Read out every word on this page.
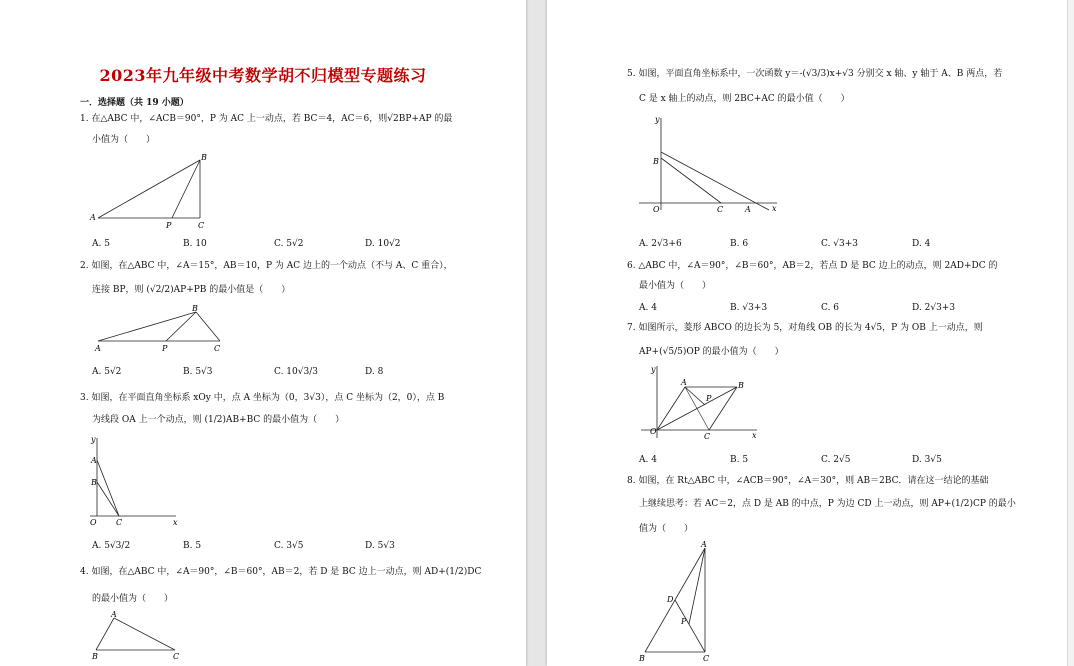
2023年九年级中考数学胡不归模型专题练习
一．选择题（共 19 小题）
1. 在△ABC 中，∠ACB＝90°，P 为 AC 上一动点，若 BC＝4，AC＝6，则√2BP+AP 的最
小值为（　　）
A
B
P	C
A. 5	B. 10	C. 5√2	D. 10√2
2. 如图，在△ABC 中，∠A＝15°，AB＝10，P 为 AC 边上的一个动点（不与 A、C 重合），
连接 BP，则 (√2/2)AP+PB 的最小值是（　　）
A
B
P	C
A. 5√2	B. 5√3	C. 10√3/3	D. 8
3. 如图，在平面直角坐标系 xOy 中，点 A 坐标为（0，3√3），点 C 坐标为（2，0），点 B
为线段 OA 上一个动点，则 (1/2)AB+BC 的最小值为（　　）
y
A
B
O C	x
A. 5√3/2	B. 5	C. 3√5	D. 5√3
4. 如图，在△ABC 中，∠A＝90°，∠B＝60°，AB＝2，若 D 是 BC 边上一动点，则 AD+(1/2)DC
的最小值为（　　）
A
B	C
5. 如图，平面直角坐标系中，一次函数 y＝-(√3/3)x+√3 分别交 x 轴、y 轴于 A、B 两点，若
C 是 x 轴上的动点，则 2BC+AC 的最小值（　　）
y
B
O	C	A	x
A. 2√3+6	B. 6	C. √3+3	D. 4
6. △ABC 中，∠A＝90°，∠B＝60°，AB＝2，若点 D 是 BC 边上的动点，则 2AD+DC 的
最小值为（　　）
A. 4	B. √3+3	C. 6	D. 2√3+3
7. 如图所示，菱形 ABCO 的边长为 5，对角线 OB 的长为 4√5，P 为 OB 上一动点，则
AP+(√5/5)OP 的最小值为（　　）
y
A	B
P
O
C	x
A. 4	B. 5	C. 2√5	D. 3√5
8. 如图，在 Rt△ABC 中，∠ACB＝90°，∠A＝30°，则 AB＝2BC．请在这一结论的基础
上继续思考：若 AC＝2，点 D 是 AB 的中点，P 为边 CD 上一动点，则 AP+(1/2)CP 的最小
值为（　　）
A
D
P
B	C
